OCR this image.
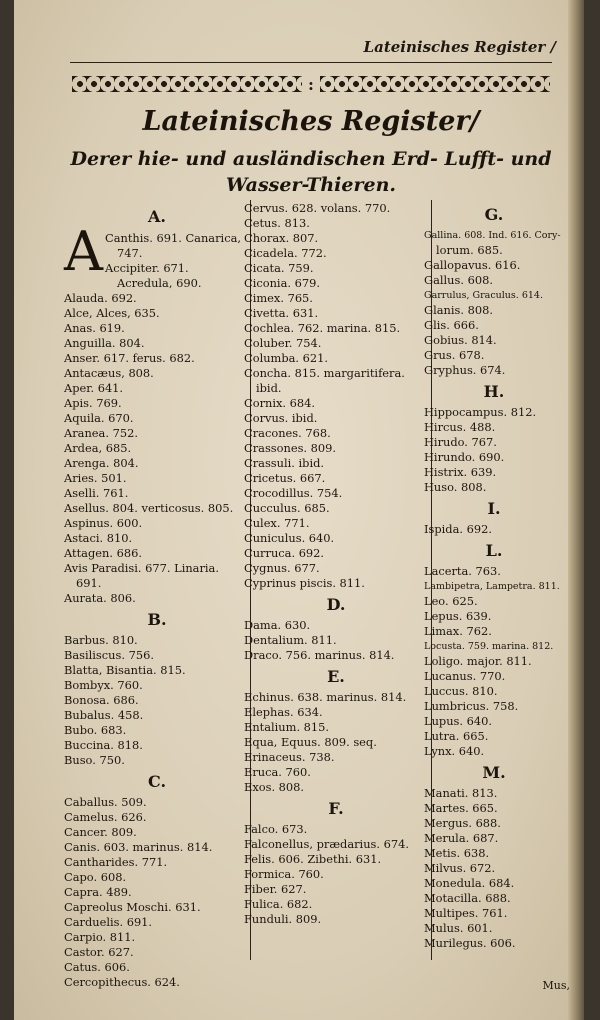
Lateinisches Register /
:
Lateinisches Register/
Derer hie- und ausländischen Erd- Lufft- und
Wasser-Thieren.
A.
A Canthis. 691. Canarica,
747.
Accipiter. 671.
Acredula, 690.
Alauda. 692.
Alce, Alces, 635.
Anas. 619.
Anguilla. 804.
Anser. 617. ferus. 682.
Antacæus, 808.
Aper. 641.
Apis. 769.
Aquila. 670.
Aranea. 752.
Ardea, 685.
Arenga. 804.
Aries. 501.
Aselli. 761.
Asellus. 804. verticosus. 805.
Aspinus. 600.
Astaci. 810.
Attagen. 686.
Avis Paradisi. 677. Linaria.
691.
Aurata. 806.
B.
Barbus. 810.
Basiliscus. 756.
Blatta, Bisantia. 815.
Bombyx. 760.
Bonosa. 686.
Bubalus. 458.
Bubo. 683.
Buccina. 818.
Buso. 750.
C.
Caballus. 509.
Camelus. 626.
Cancer. 809.
Canis. 603. marinus. 814.
Cantharides. 771.
Capo. 608.
Capra. 489.
Capreolus Moschi. 631.
Carduelis. 691.
Carpio. 811.
Castor. 627.
Catus. 606.
Cercopithecus. 624.
Cervus. 628. volans. 770.
Cetus. 813.
Chorax. 807.
Cicadela. 772.
Cicata. 759.
Ciconia. 679.
Cimex. 765.
Civetta. 631.
Cochlea. 762. marina. 815.
Coluber. 754.
Columba. 621.
Concha. 815. margaritifera.
ibid.
Cornix. 684.
Corvus. ibid.
Cracones. 768.
Crassones. 809.
Crassuli. ibid.
Cricetus. 667.
Crocodillus. 754.
Cucculus. 685.
Culex. 771.
Cuniculus. 640.
Curruca. 692.
Cygnus. 677.
Cyprinus piscis. 811.
D.
Dama. 630.
Dentalium. 811.
Draco. 756. marinus. 814.
E.
Echinus. 638. marinus. 814.
Elephas. 634.
Entalium. 815.
Equa, Equus. 809. seq.
Erinaceus. 738.
Eruca. 760.
Exos. 808.
F.
Falco. 673.
Falconellus, prædarius. 674.
Felis. 606. Zibethi. 631.
Formica. 760.
Fiber. 627.
Fulica. 682.
Funduli. 809.
G.
Gallina. 608. Ind. 616. Cory-
lorum. 685.
Gallopavus. 616.
Gallus. 608.
Garrulus, Graculus. 614.
Glanis. 808.
Glis. 666.
Gobius. 814.
Grus. 678.
Gryphus. 674.
H.
Hippocampus. 812.
Hircus. 488.
Hirudo. 767.
Hirundo. 690.
Histrix. 639.
Huso. 808.
I.
Ispida. 692.
L.
Lacerta. 763.
Lambipetra, Lampetra. 811.
Leo. 625.
Lepus. 639.
Limax. 762.
Locusta. 759. marina. 812.
Loligo. major. 811.
Lucanus. 770.
Luccus. 810.
Lumbricus. 758.
Lupus. 640.
Lutra. 665.
Lynx. 640.
M.
Manati. 813.
Martes. 665.
Mergus. 688.
Merula. 687.
Metis. 638.
Milvus. 672.
Monedula. 684.
Motacilla. 688.
Multipes. 761.
Mulus. 601.
Murilegus. 606.
Mus,
